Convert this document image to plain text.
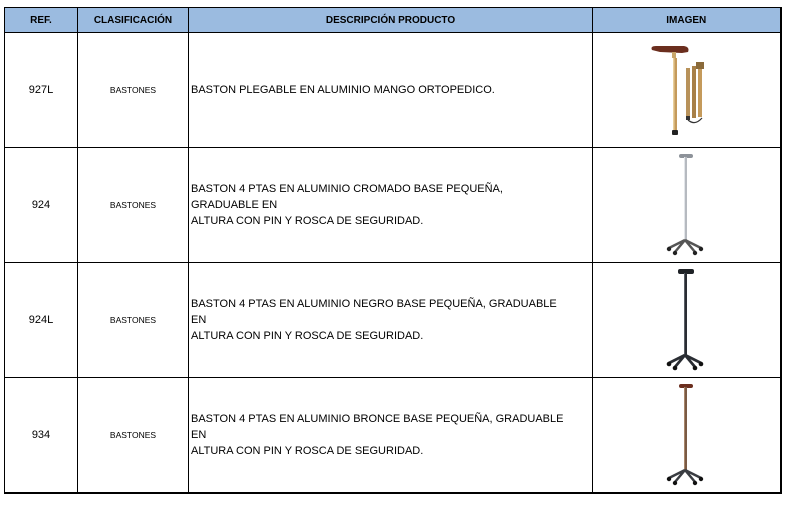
REF.	CLASIFICACIÓN	DESCRIPCIÓN PRODUCTO	IMAGEN
927L	BASTONES	BASTON PLEGABLE EN ALUMINIO MANGO ORTOPEDICO.

924	BASTONES	BASTON 4 PTAS EN ALUMINIO CROMADO BASE PEQUEÑA, GRADUABLE EN
ALTURA CON PIN Y ROSCA DE SEGURIDAD.

924L	BASTONES	BASTON 4 PTAS EN ALUMINIO NEGRO BASE PEQUEÑA, GRADUABLE EN
ALTURA CON PIN Y ROSCA DE SEGURIDAD.

934	BASTONES	BASTON 4 PTAS EN ALUMINIO BRONCE BASE PEQUEÑA, GRADUABLE EN
ALTURA CON PIN Y ROSCA DE SEGURIDAD.
